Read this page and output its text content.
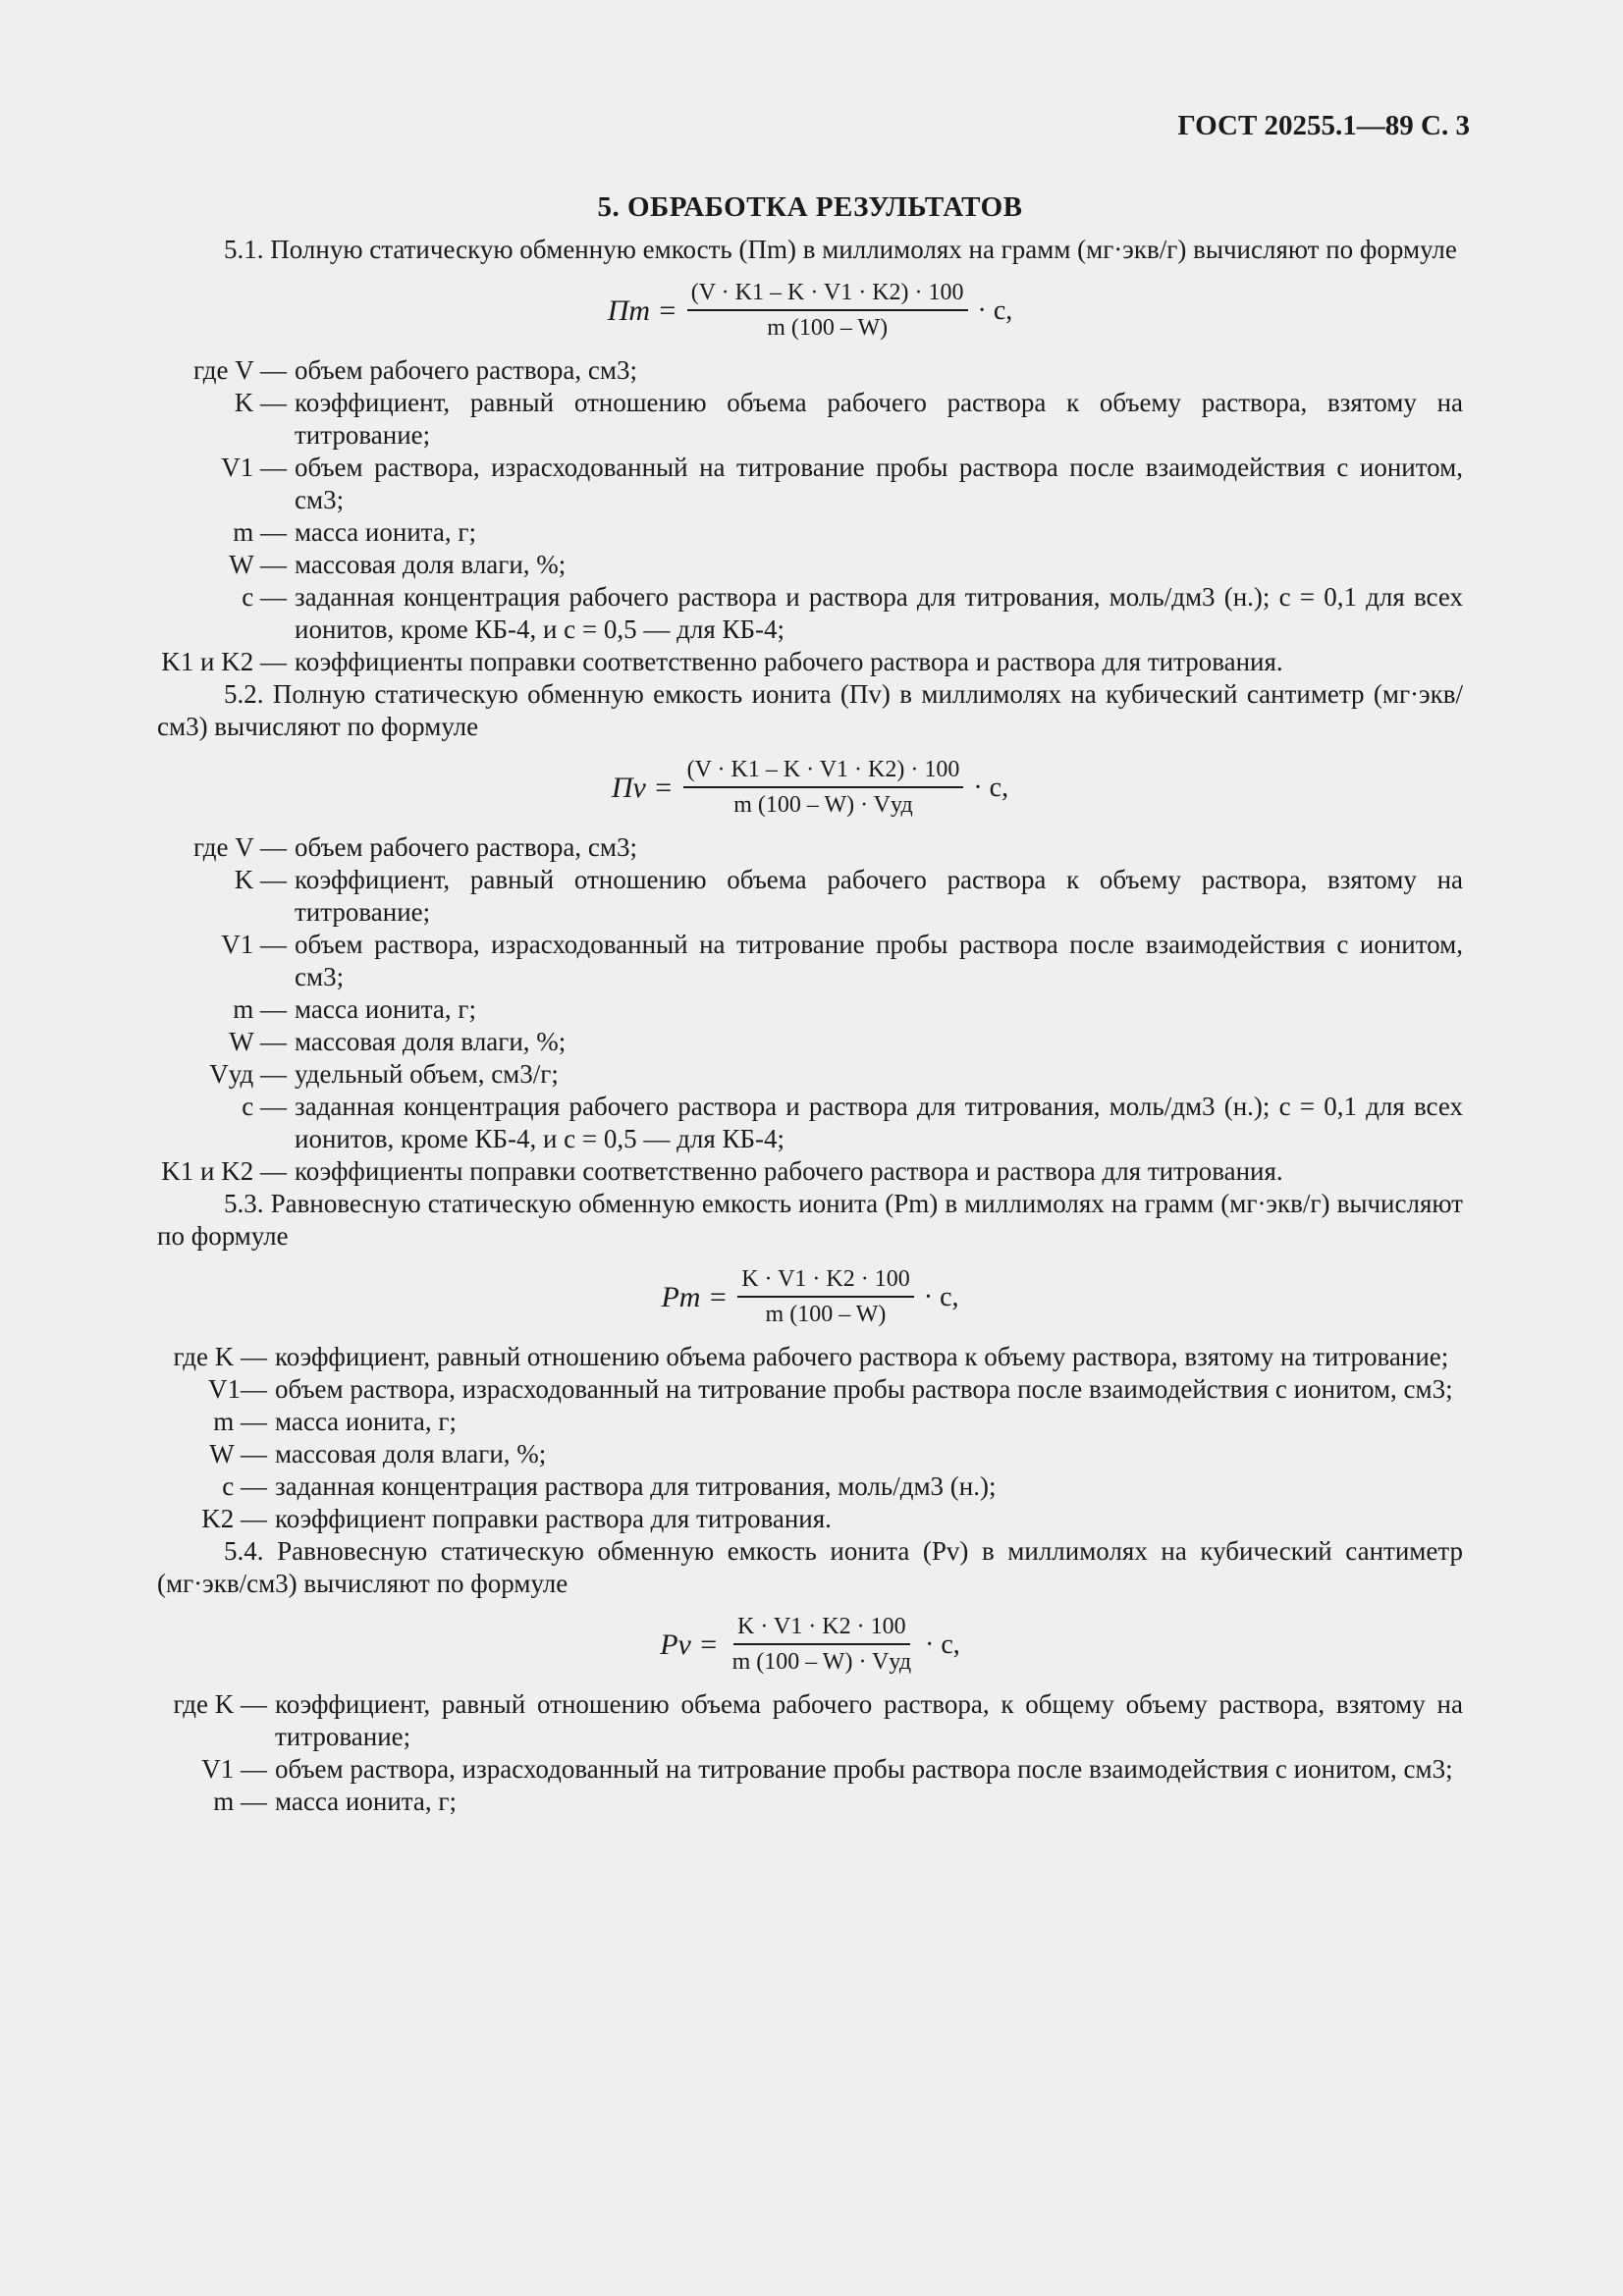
ГОСТ 20255.1—89 С. 3
5. ОБРАБОТКА РЕЗУЛЬТАТОВ

5.1. Полную статическую обменную емкость (Пm) в миллимолях на грамм (мг·экв/г) вычисляют по формуле

Пm = $\frac{(V \cdot K1 - K \cdot V1 \cdot K2) \cdot 100}{m (100 - W)} \cdot c$,
где V — объем рабочего раствора, см3;
K — коэффициент, равный отношению объема рабочего раствора к объему раствора, взятому на титрование;
V1 — объем раствора, израсходованный на титрование пробы раствора после взаимодействия с ионитом, см3;
m — масса ионита, г;
W — массовая доля влаги, %;
c — заданная концентрация рабочего раствора и раствора для титрования, моль/дм3 (н.); c = 0,1 для всех ионитов, кроме КБ-4, и c = 0,5 — для КБ-4;
K1 и K2 — коэффициенты поправки соответственно рабочего раствора и раствора для титрования.

5.2. Полную статическую обменную емкость ионита (Пv) в миллимолях на кубический сантиметр (мг·экв/см3) вычисляют по формуле

Пv = $\frac{(V \cdot K1 - K \cdot V1 \cdot K2) \cdot 100}{\text{m (100 – W) · Vуд}} \cdot c$,
где V — объем рабочего раствора, см3;
K — коэффициент, равный отношению объема рабочего раствора к объему раствора, взятому на титрование;
V1 — объем раствора, израсходованный на титрование пробы раствора после взаимодействия с ионитом, см3;
m — масса ионита, г;
W — массовая доля влаги, %;
Vуд — удельный объем, см3/г;
c — заданная концентрация рабочего раствора и раствора для титрования, моль/дм3 (н.); c = 0,1 для всех ионитов, кроме КБ-4, и c = 0,5 — для КБ-4;
K1 и K2 — коэффициенты поправки соответственно рабочего раствора и раствора для титрования.

5.3. Равновесную статическую обменную емкость ионита (Pm) в миллимолях на грамм (мг·экв/г) вычисляют по формуле

$Pm = \frac{K \cdot V1 \cdot K2 \cdot 100}{m (100 - W)} \cdot c$,
где K — коэффициент, равный отношению объема рабочего раствора к объему раствора, взятому на титрование;
V1— объем раствора, израсходованный на титрование пробы раствора после взаимодействия с ионитом, см3;
m — масса ионита, г;
W — массовая доля влаги, %;
c — заданная концентрация раствора для титрования, моль/дм3 (н.);
K2 — коэффициент поправки раствора для титрования.

5.4. Равновесную статическую обменную емкость ионита (Pv) в миллимолях на кубический сантиметр (мг·экв/см3) вычисляют по формуле

$Pv = \frac{K \cdot V1 \cdot K2 \cdot 100}{\text{m (100 – W) · Vуд}} \cdot c$,
где K — коэффициент, равный отношению объема рабочего раствора, к общему объему раствора, взятому на титрование;
V1 — объем раствора, израсходованный на титрование пробы раствора после взаимодействия с ионитом, см3;
m — масса ионита, г;
